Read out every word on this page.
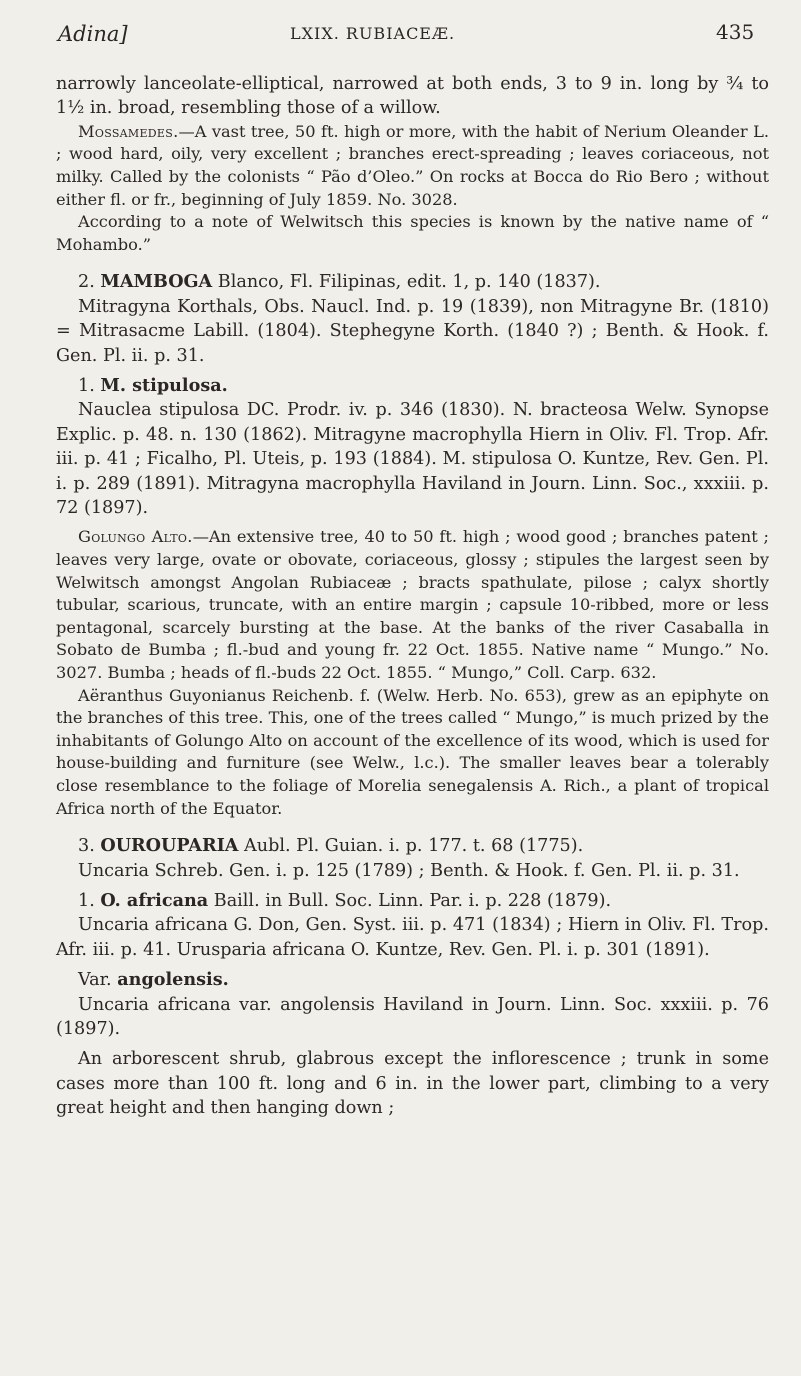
Adina]	LXIX. RUBIACEÆ.	435

narrowly lanceolate-elliptical, narrowed at both ends, 3 to 9 in. long by ¾ to 1½ in. broad, resembling those of a willow.

Mossamedes.—A vast tree, 50 ft. high or more, with the habit of Nerium Oleander L. ; wood hard, oily, very excellent ; branches erect-spreading ; leaves coriaceous, not milky. Called by the colonists “ Pão d’Oleo.” On rocks at Bocca do Rio Bero ; without either fl. or fr., beginning of July 1859. No. 3028.

According to a note of Welwitsch this species is known by the native name of “ Mohambo.”

2. MAMBOGA Blanco, Fl. Filipinas, edit. 1, p. 140 (1837).

Mitragyna Korthals, Obs. Naucl. Ind. p. 19 (1839), non Mitragyne Br. (1810) = Mitrasacme Labill. (1804). Stephegyne Korth. (1840 ?) ; Benth. & Hook. f. Gen. Pl. ii. p. 31.

1. M. stipulosa.

Nauclea stipulosa DC. Prodr. iv. p. 346 (1830). N. bracteosa Welw. Synopse Explic. p. 48. n. 130 (1862). Mitragyne macrophylla Hiern in Oliv. Fl. Trop. Afr. iii. p. 41 ; Ficalho, Pl. Uteis, p. 193 (1884). M. stipulosa O. Kuntze, Rev. Gen. Pl. i. p. 289 (1891). Mitragyna macrophylla Haviland in Journ. Linn. Soc., xxxiii. p. 72 (1897).

Golungo Alto.—An extensive tree, 40 to 50 ft. high ; wood good ; branches patent ; leaves very large, ovate or obovate, coriaceous, glossy ; stipules the largest seen by Welwitsch amongst Angolan Rubiaceæ ; bracts spathulate, pilose ; calyx shortly tubular, scarious, truncate, with an entire margin ; capsule 10-ribbed, more or less pentagonal, scarcely bursting at the base. At the banks of the river Casaballa in Sobato de Bumba ; fl.-bud and young fr. 22 Oct. 1855. Native name “ Mungo.” No. 3027. Bumba ; heads of fl.-buds 22 Oct. 1855. “ Mungo,” Coll. Carp. 632.

Aëranthus Guyonianus Reichenb. f. (Welw. Herb. No. 653), grew as an epiphyte on the branches of this tree. This, one of the trees called “ Mungo,” is much prized by the inhabitants of Golungo Alto on account of the excellence of its wood, which is used for house-building and furniture (see Welw., l.c.). The smaller leaves bear a tolerably close resemblance to the foliage of Morelia senegalensis A. Rich., a plant of tropical Africa north of the Equator.

3. OUROUPARIA Aubl. Pl. Guian. i. p. 177. t. 68 (1775).

Uncaria Schreb. Gen. i. p. 125 (1789) ; Benth. & Hook. f. Gen. Pl. ii. p. 31.

1. O. africana Baill. in Bull. Soc. Linn. Par. i. p. 228 (1879).

Uncaria africana G. Don, Gen. Syst. iii. p. 471 (1834) ; Hiern in Oliv. Fl. Trop. Afr. iii. p. 41. Urusparia africana O. Kuntze, Rev. Gen. Pl. i. p. 301 (1891).

Var. angolensis.

Uncaria africana var. angolensis Haviland in Journ. Linn. Soc. xxxiii. p. 76 (1897).

An arborescent shrub, glabrous except the inflorescence ; trunk in some cases more than 100 ft. long and 6 in. in the lower part, climbing to a very great height and then hanging down ;
